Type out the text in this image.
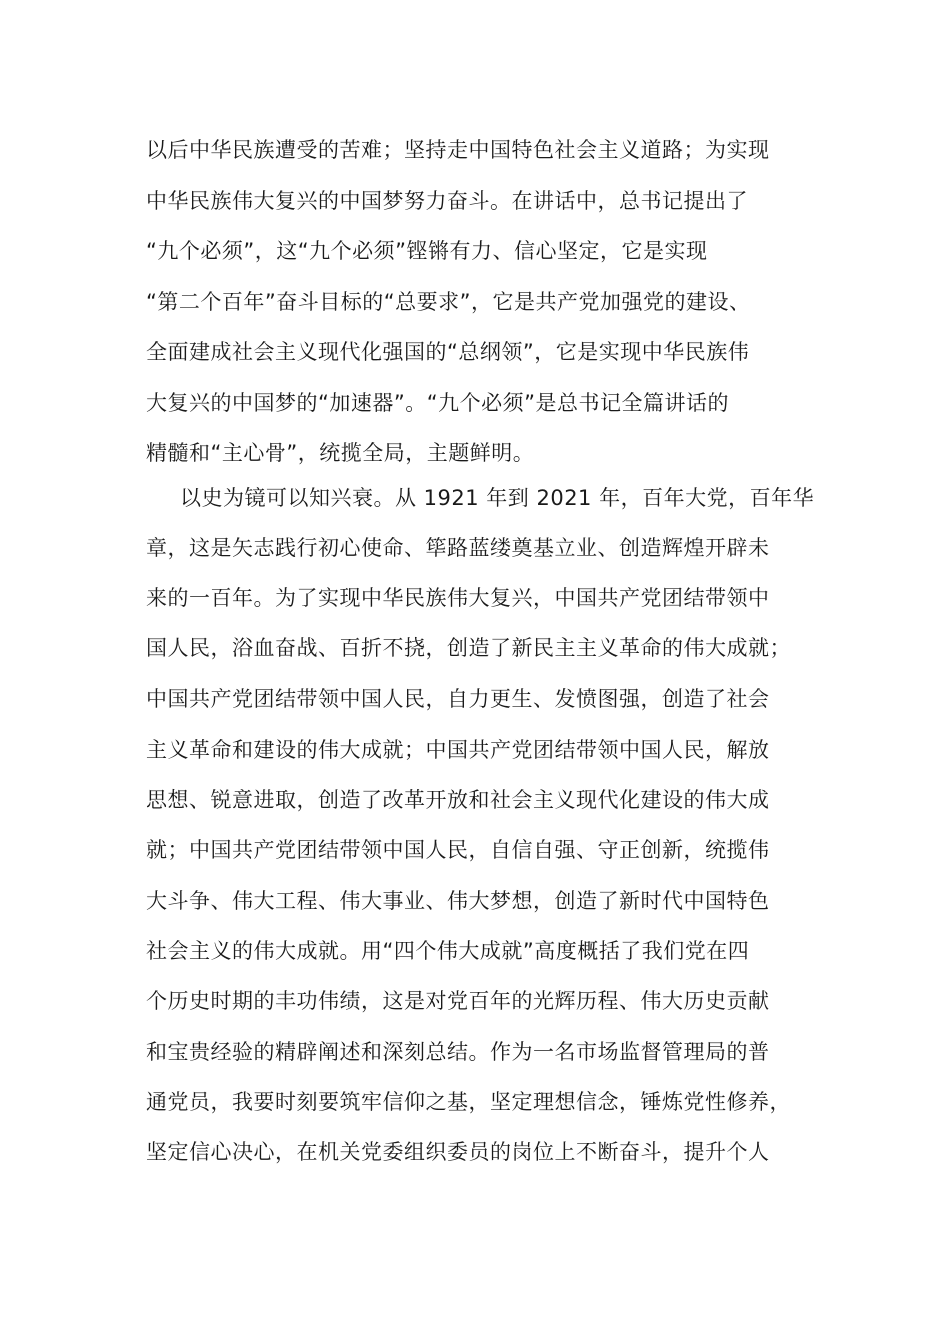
以后中华民族遭受的苦难；坚持走中国特色社会主义道路；为实现
中华民族伟大复兴的中国梦努力奋斗。在讲话中，总书记提出了
“九个必须”，这“九个必须”铿锵有力、信心坚定，它是实现
“第二个百年”奋斗目标的“总要求”，它是共产党加强党的建设、
全面建成社会主义现代化强国的“总纲领”，它是实现中华民族伟
大复兴的中国梦的“加速器”。“九个必须”是总书记全篇讲话的
精髓和“主心骨”，统揽全局，主题鲜明。
以史为镜可以知兴衰。从 1921 年到 2021 年，百年大党，百年华
章，这是矢志践行初心使命、筚路蓝缕奠基立业、创造辉煌开辟未
来的一百年。为了实现中华民族伟大复兴，中国共产党团结带领中
国人民，浴血奋战、百折不挠，创造了新民主主义革命的伟大成就；
中国共产党团结带领中国人民，自力更生、发愤图强，创造了社会
主义革命和建设的伟大成就；中国共产党团结带领中国人民，解放
思想、锐意进取，创造了改革开放和社会主义现代化建设的伟大成
就；中国共产党团结带领中国人民，自信自强、守正创新，统揽伟
大斗争、伟大工程、伟大事业、伟大梦想，创造了新时代中国特色
社会主义的伟大成就。用“四个伟大成就”高度概括了我们党在四
个历史时期的丰功伟绩，这是对党百年的光辉历程、伟大历史贡献
和宝贵经验的精辟阐述和深刻总结。作为一名市场监督管理局的普
通党员，我要时刻要筑牢信仰之基，坚定理想信念，锤炼党性修养，
坚定信心决心，在机关党委组织委员的岗位上不断奋斗，提升个人
